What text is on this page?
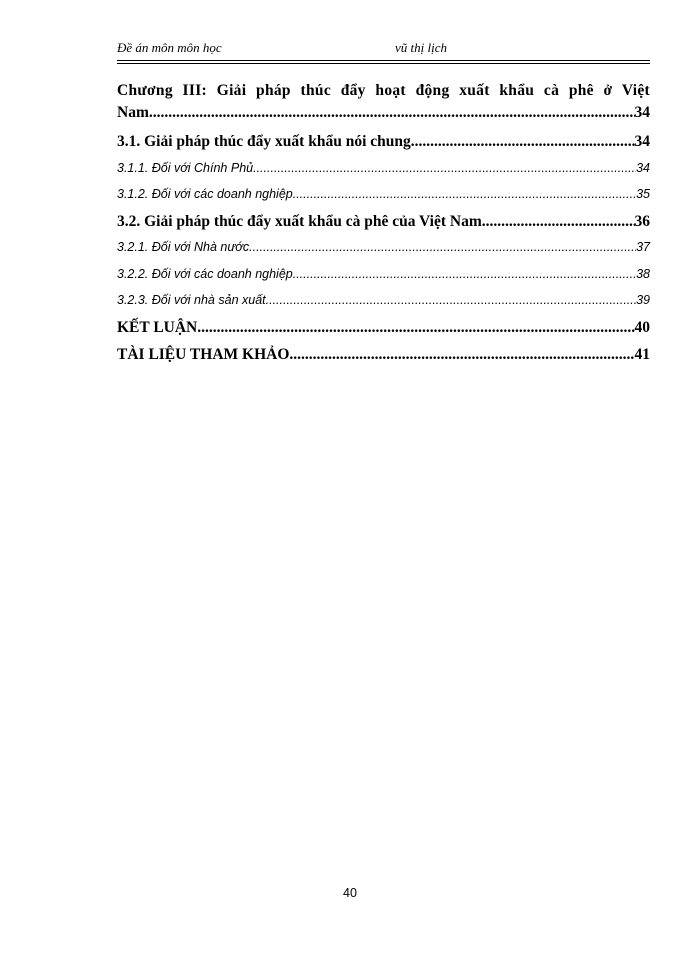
Đề án môn môn học	vũ thị lịch
Chương III: Giải pháp thúc đẩy hoạt động xuất khẩu cà phê ở Việt
Nam .....	34
3.1. Giải pháp thúc đẩy xuất khẩu nói chung. .....	34
3.1.1. Đối với Chính Phủ .....	34
3.1.2. Đối với các doanh nghiệp .....	35
3.2. Giải pháp thúc đẩy xuất khẩu cà phê của Việt Nam .....	36
3.2.1. Đối với Nhà nước. .....	37
3.2.2. Đối với các doanh nghiệp .....	38
3.2.3. Đối với nhà sản xuất .....	39
KẾT LUẬN .....	40
TÀI LIỆU THAM KHẢO .....	41
40
